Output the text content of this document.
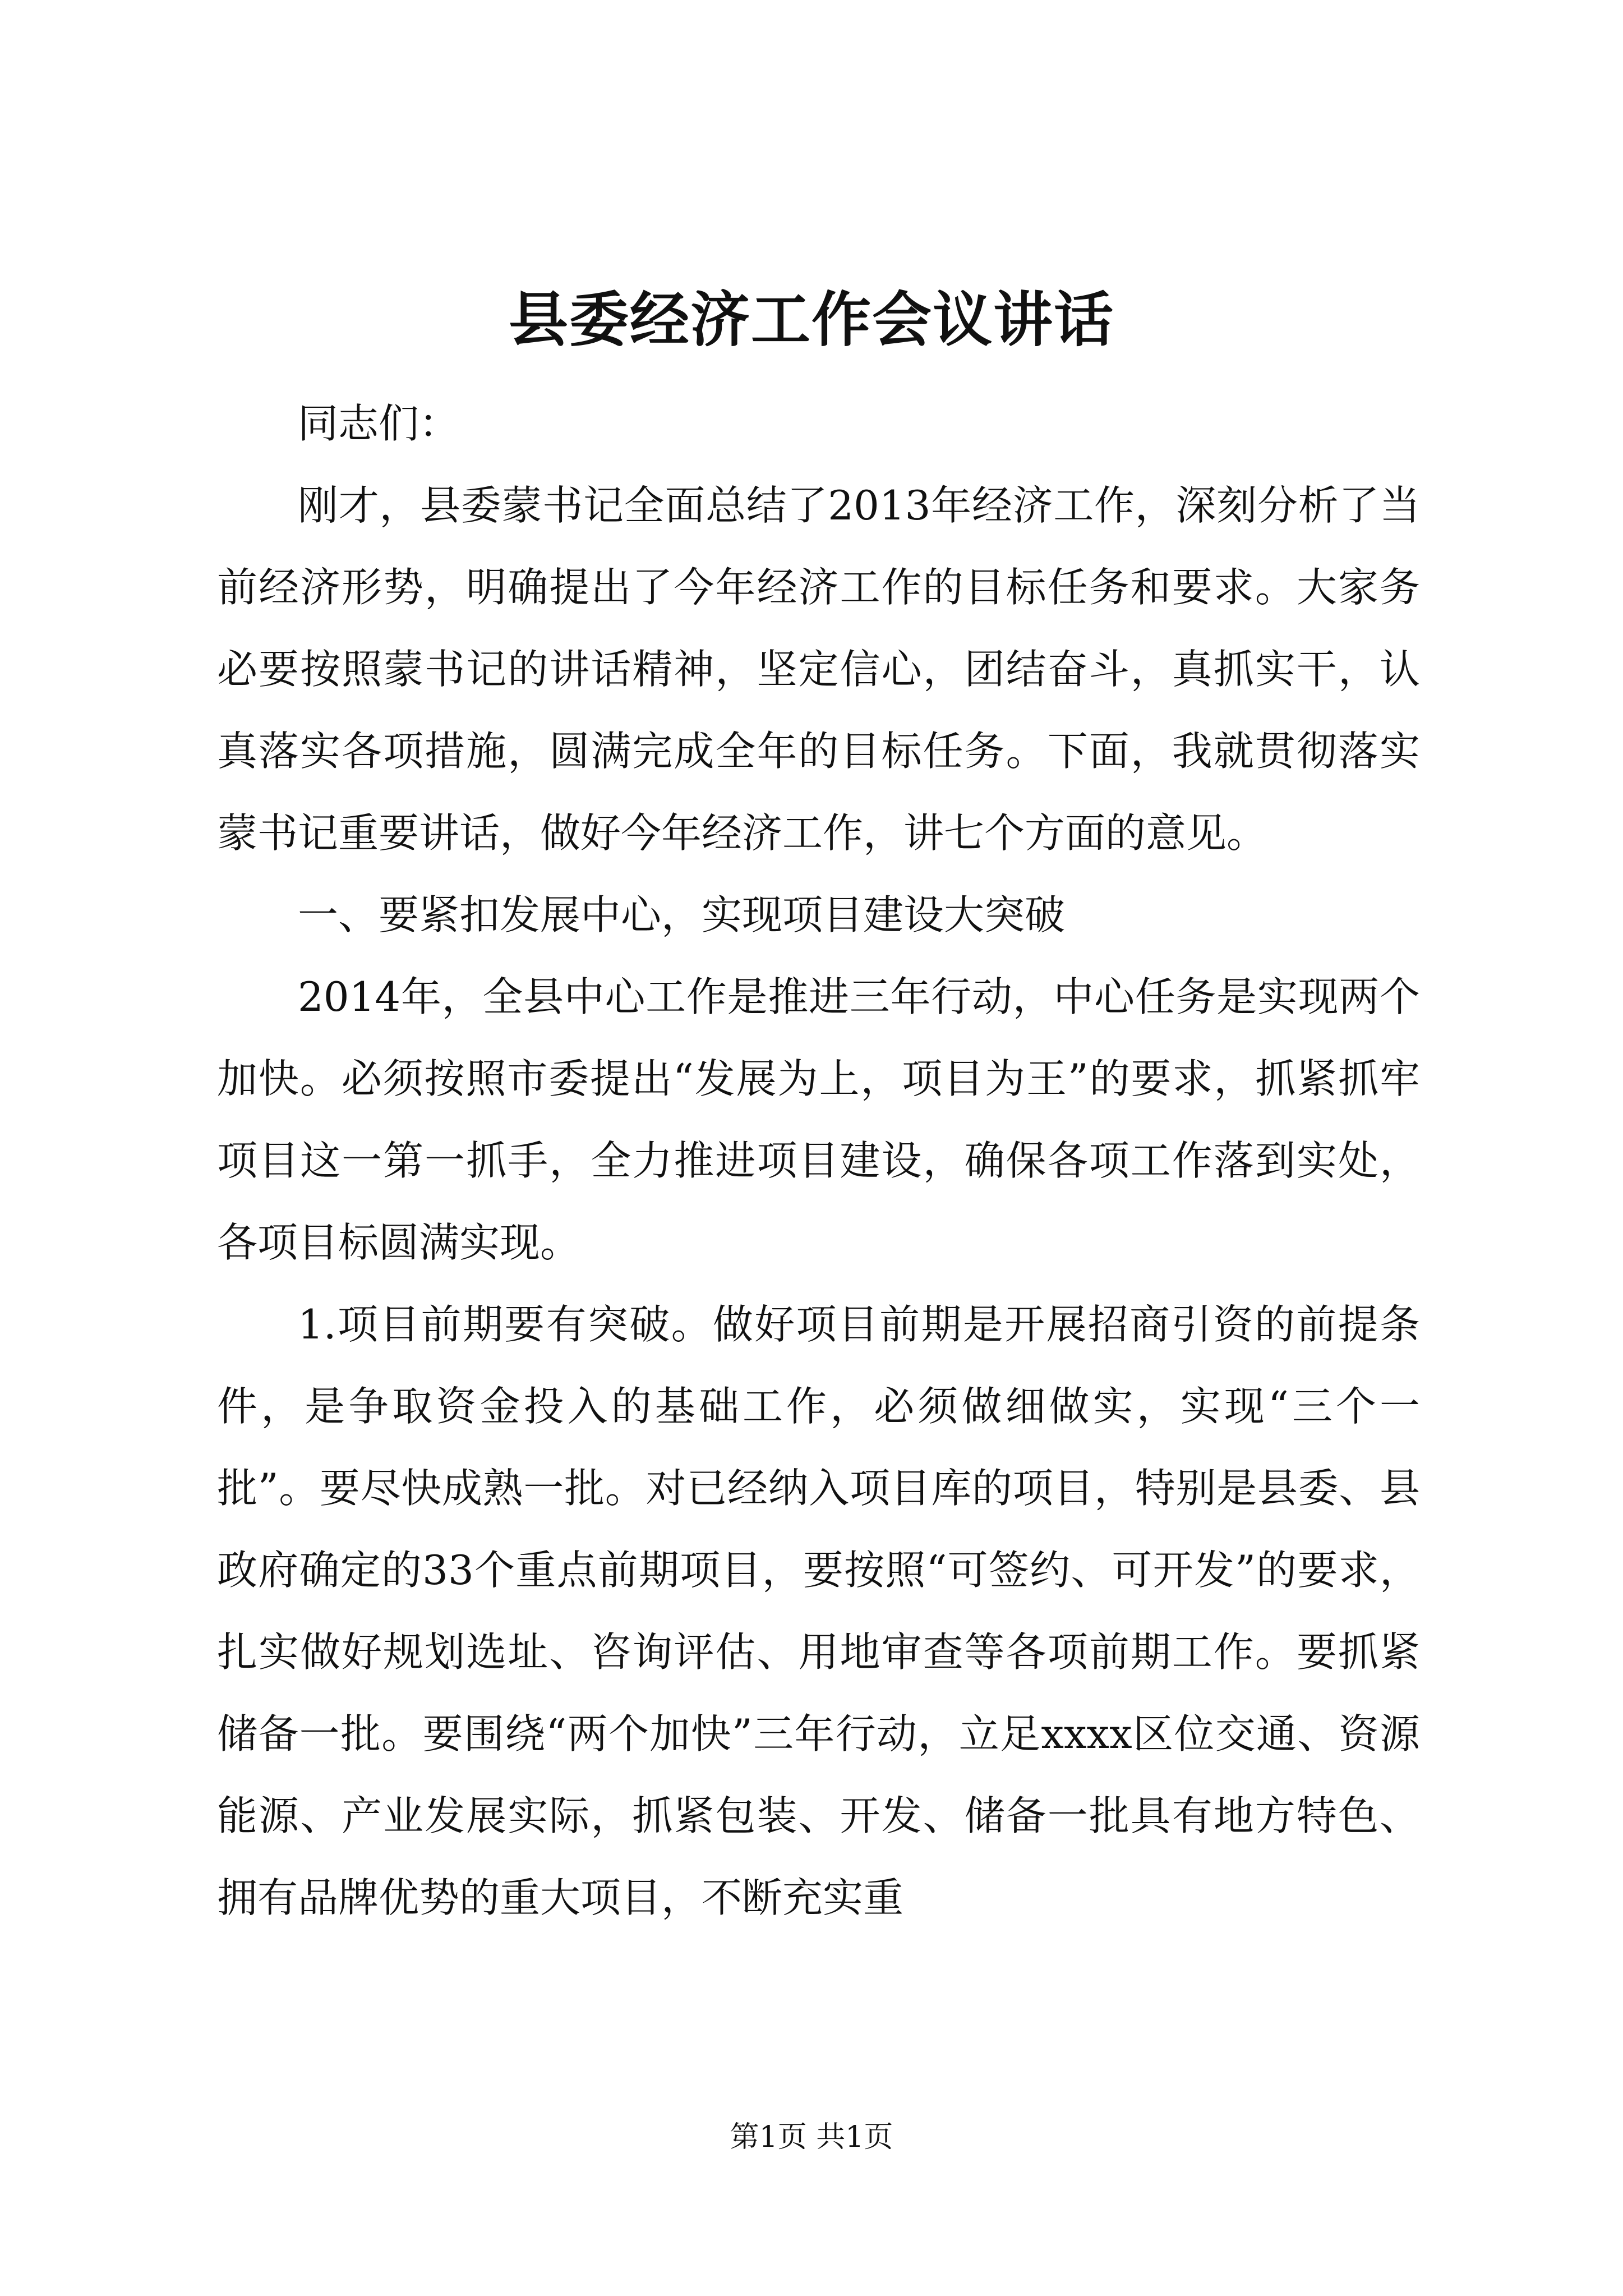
县委经济工作会议讲话

同志们：

刚才，县委蒙书记全面总结了2013年经济工作，深刻分析了当前经济形势，明确提出了今年经济工作的目标任务和要求。大家务必要按照蒙书记的讲话精神，坚定信心，团结奋斗，真抓实干，认真落实各项措施，圆满完成全年的目标任务。下面，我就贯彻落实蒙书记重要讲话，做好今年经济工作，讲七个方面的意见。

一、要紧扣发展中心，实现项目建设大突破

2014年，全县中心工作是推进三年行动，中心任务是实现两个加快。必须按照市委提出“发展为上，项目为王”的要求，抓紧抓牢项目这一第一抓手，全力推进项目建设，确保各项工作落到实处，各项目标圆满实现。

1.项目前期要有突破。做好项目前期是开展招商引资的前提条件，是争取资金投入的基础工作，必须做细做实，实现“三个一批”。要尽快成熟一批。对已经纳入项目库的项目，特别是县委、县政府确定的33个重点前期项目，要按照“可签约、可开发”的要求，扎实做好规划选址、咨询评估、用地审查等各项前期工作。要抓紧储备一批。要围绕“两个加快”三年行动，立足xxxx区位交通、资源能源、产业发展实际，抓紧包装、开发、储备一批具有地方特色、拥有品牌优势的重大项目，不断充实重

第1页 共1页
